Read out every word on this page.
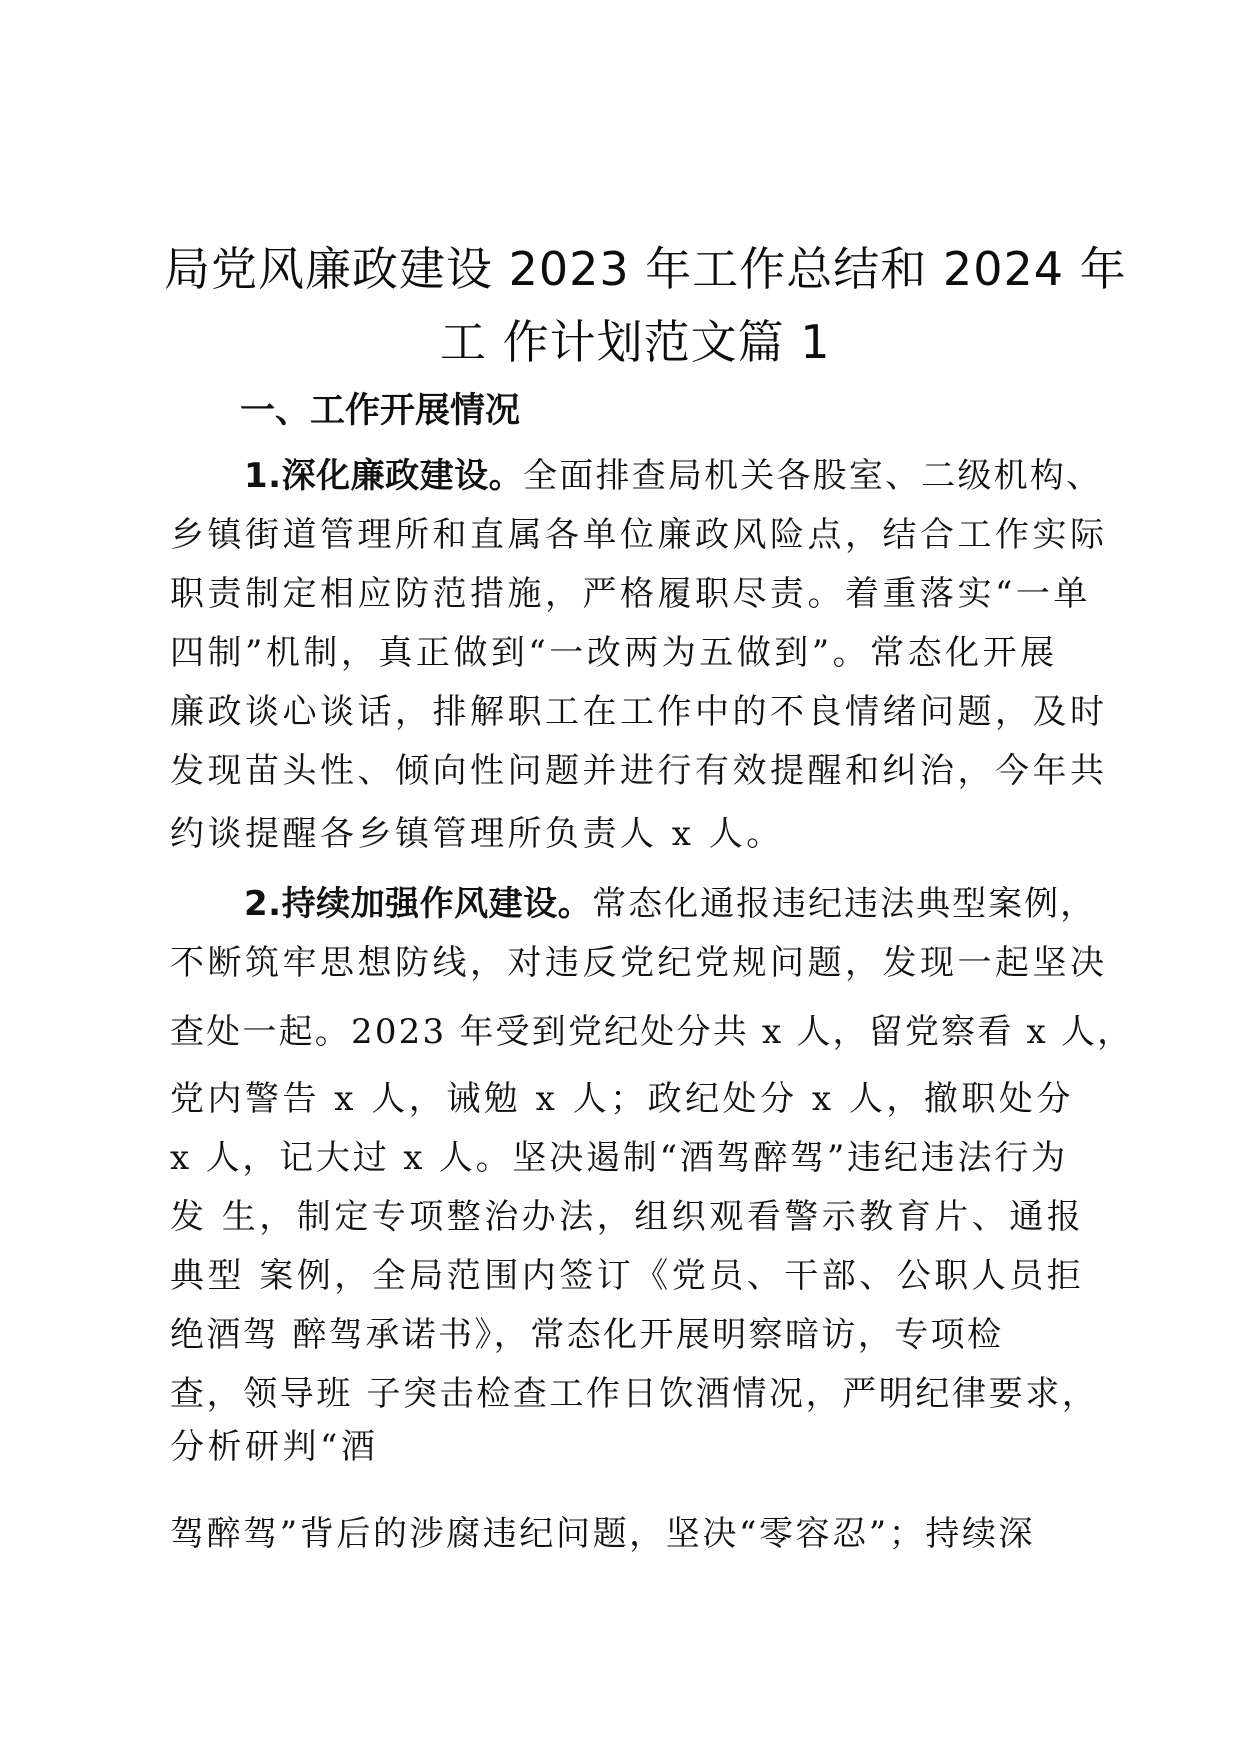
局党风廉政建设 2023 年工作总结和 2024 年
工 作计划范文篇 1
一、工作开展情况
1.深化廉政建设。全面排查局机关各股室、二级机构、
乡镇街道管理所和直属各单位廉政风险点，结合工作实际
职责制定相应防范措施，严格履职尽责。着重落实“一单
四制”机制，真正做到“一改两为五做到”。常态化开展
廉政谈心谈话，排解职工在工作中的不良情绪问题，及时
发现苗头性、倾向性问题并进行有效提醒和纠治，今年共
约谈提醒各乡镇管理所负责人 x 人。
2.持续加强作风建设。常态化通报违纪违法典型案例，
不断筑牢思想防线，对违反党纪党规问题，发现一起坚决
查处一起。2023 年受到党纪处分共 x 人，留党察看 x 人，
党内警告 x 人，诫勉 x 人；政纪处分 x 人，撤职处分
x 人，记大过 x 人。坚决遏制“酒驾醉驾”违纪违法行为
发 生，制定专项整治办法，组织观看警示教育片、通报
典型 案例，全局范围内签订《党员、干部、公职人员拒
绝酒驾 醉驾承诺书》，常态化开展明察暗访，专项检
查，领导班 子突击检查工作日饮酒情况，严明纪律要求，
分析研判“酒
驾醉驾”背后的涉腐违纪问题，坚决“零容忍”；持续深
